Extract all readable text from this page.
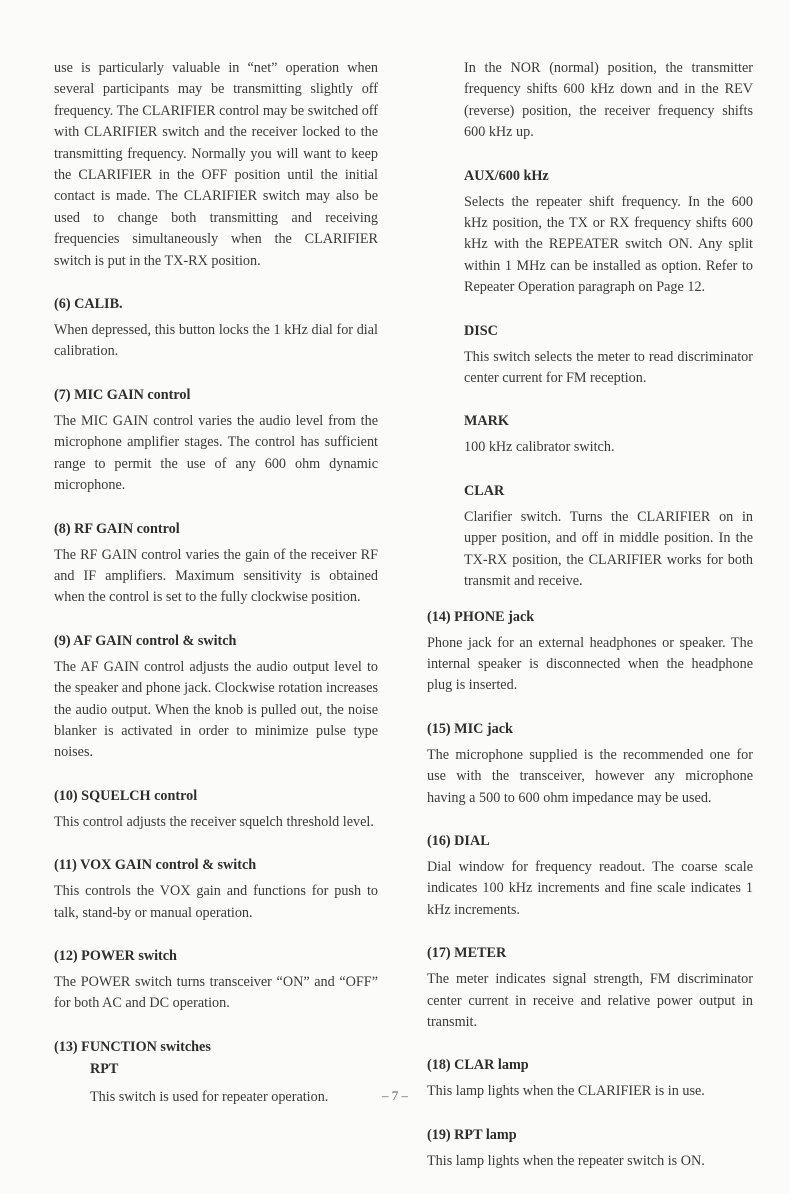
use is particularly valuable in “net” operation when several participants may be transmitting slightly off frequency. The CLARIFIER control may be switched off with CLARIFIER switch and the receiver locked to the transmitting frequency. Normally you will want to keep the CLARIFIER in the OFF position until the initial contact is made. The CLARIFIER switch may also be used to change both transmitting and receiving frequencies simultaneously when the CLARIFIER switch is put in the TX-RX position.

(6) CALIB.

When depressed, this button locks the 1 kHz dial for dial calibration.

(7) MIC GAIN control

The MIC GAIN control varies the audio level from the microphone amplifier stages. The control has sufficient range to permit the use of any 600 ohm dynamic microphone.

(8) RF GAIN control

The RF GAIN control varies the gain of the receiver RF and IF amplifiers. Maximum sensitivity is obtained when the control is set to the fully clockwise position.

(9) AF GAIN control & switch

The AF GAIN control adjusts the audio output level to the speaker and phone jack. Clockwise rotation increases the audio output. When the knob is pulled out, the noise blanker is activated in order to minimize pulse type noises.

(10) SQUELCH control

This control adjusts the receiver squelch threshold level.

(11) VOX GAIN control & switch

This controls the VOX gain and functions for push to talk, stand-by or manual operation.

(12) POWER switch

The POWER switch turns transceiver “ON” and “OFF” for both AC and DC operation.

(13) FUNCTION switches
RPT

This switch is used for repeater operation.

In the NOR (normal) position, the transmitter frequency shifts 600 kHz down and in the REV (reverse) position, the receiver frequency shifts 600 kHz up.

AUX/600 kHz

Selects the repeater shift frequency. In the 600 kHz position, the TX or RX frequency shifts 600 kHz with the REPEATER switch ON. Any split within 1 MHz can be installed as option. Refer to Repeater Operation paragraph on Page 12.

DISC

This switch selects the meter to read discriminator center current for FM reception.

MARK

100 kHz calibrator switch.

CLAR

Clarifier switch. Turns the CLARIFIER on in upper position, and off in middle position. In the TX-RX position, the CLARIFIER works for both transmit and receive.

(14) PHONE jack

Phone jack for an external headphones or speaker. The internal speaker is disconnected when the headphone plug is inserted.

(15) MIC jack

The microphone supplied is the recommended one for use with the transceiver, however any microphone having a 500 to 600 ohm impedance may be used.

(16) DIAL

Dial window for frequency readout. The coarse scale indicates 100 kHz increments and fine scale indicates 1 kHz increments.

(17) METER

The meter indicates signal strength, FM discriminator center current in receive and relative power output in transmit.

(18) CLAR lamp

This lamp lights when the CLARIFIER is in use.

(19) RPT lamp

This lamp lights when the repeater switch is ON.

– 7 –
